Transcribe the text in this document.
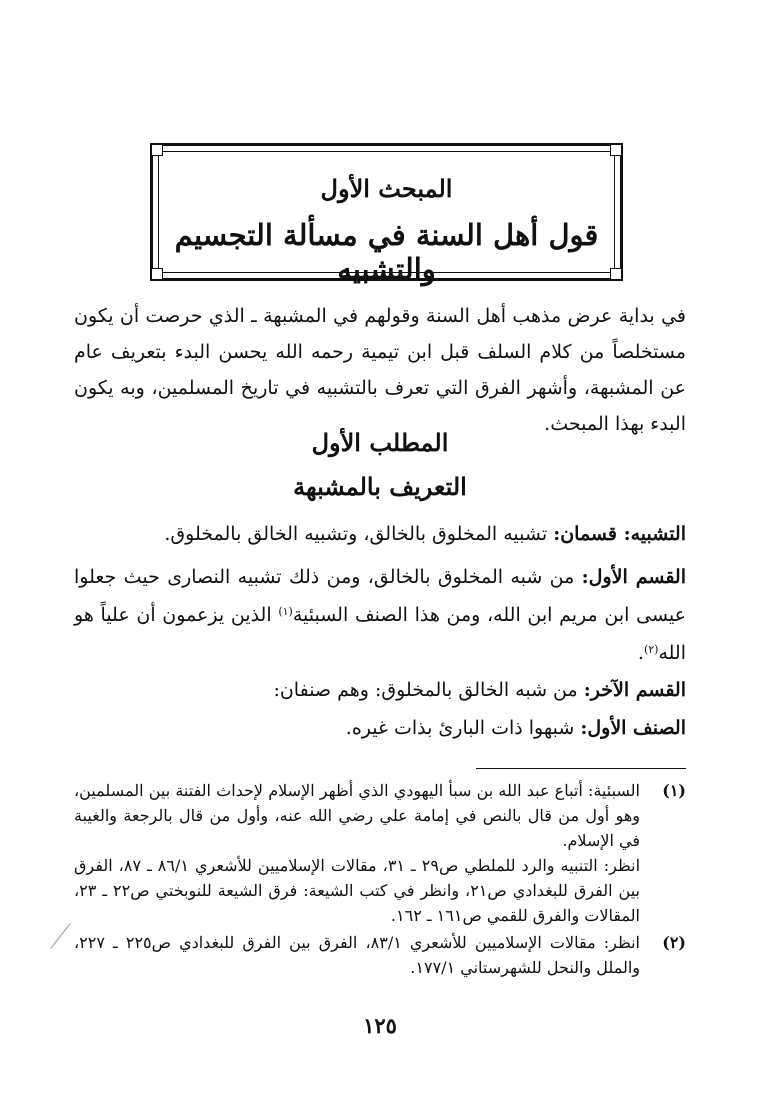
المبحث الأول
قول أهل السنة في مسألة التجسيم والتشبيه

في بداية عرض مذهب أهل السنة وقولهم في المشبهة ـ الذي حرصت أن يكون مستخلصاً من كلام السلف قبل ابن تيمية رحمه الله يحسن البدء بتعريف عام عن المشبهة، وأشهر الفرق التي تعرف بالتشبيه في تاريخ المسلمين، وبه يكون البدء بهذا المبحث.

المطلب الأول
التعريف بالمشبهة

التشبيه: قسمان: تشبيه المخلوق بالخالق، وتشبيه الخالق بالمخلوق.

القسم الأول: من شبه المخلوق بالخالق، ومن ذلك تشبيه النصارى حيث جعلوا عيسى ابن مريم ابن الله، ومن هذا الصنف السبئية$^{(١)}$ الذين يزعمون أن علياً هو الله$^{(٢)}$.

القسم الآخر: من شبه الخالق بالمخلوق: وهم صنفان:

الصنف الأول: شبهوا ذات البارئ بذات غيره.

(١)
السبئية: أتباع عبد الله بن سبأ اليهودي الذي أظهر الإسلام لإحداث الفتنة بين المسلمين، وهو أول من قال بالنص في إمامة علي رضي الله عنه، وأول من قال بالرجعة والغيبة في الإسلام.
انظر: التنبيه والرد للملطي ص٢٩ ـ ٣١، مقالات الإسلاميين للأشعري ٨٦/١ ـ ٨٧، الفرق بين الفرق للبغدادي ص٢١، وانظر في كتب الشيعة: فرق الشيعة للنوبختي ص٢٢ ـ ٢٣، المقالات والفرق للقمي ص١٦١ ـ ١٦٢.
(٢)
انظر: مقالات الإسلاميين للأشعري ٨٣/١، الفرق بين الفرق للبغدادي ص٢٢٥ ـ ٢٢٧، والملل والنحل للشهرستاني ١٧٧/١.
١٢٥
